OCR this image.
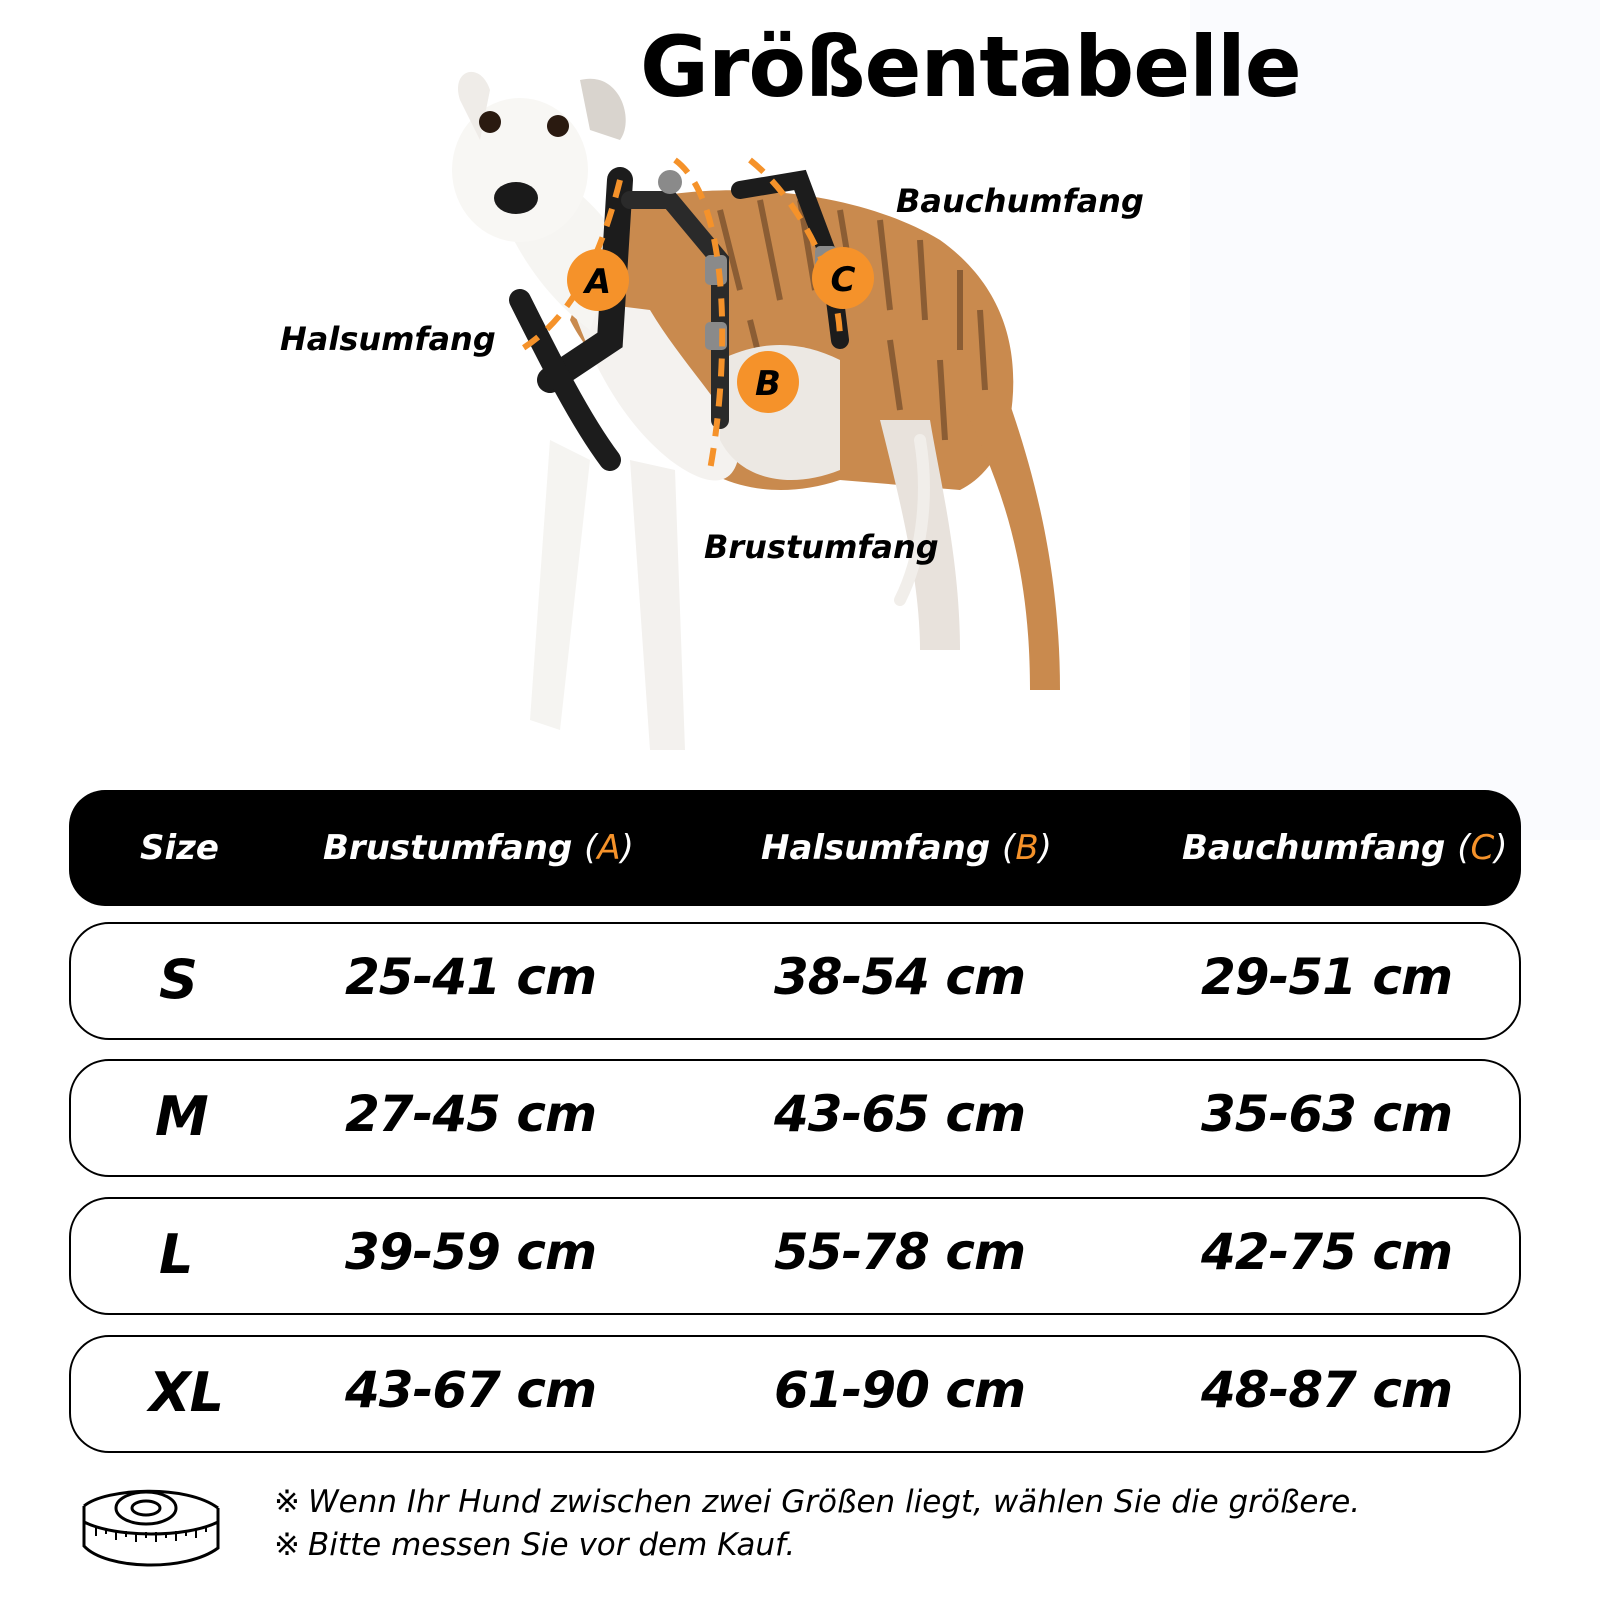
Größentabelle
A
B
C
Halsumfang
Brustumfang
Bauchumfang
Size	Brustumfang (A)	Halsumfang (B)	Bauchumfang (C)
S	25-41 cm	38-54 cm	29-51 cm
M	27-45 cm	43-65 cm	35-63 cm
L	39-59 cm	55-78 cm	42-75 cm
XL 43-67 cm	61-90 cm	48-87 cm
※ Wenn Ihr Hund zwischen zwei Größen liegt, wählen Sie die größere.
※ Bitte messen Sie vor dem Kauf.
